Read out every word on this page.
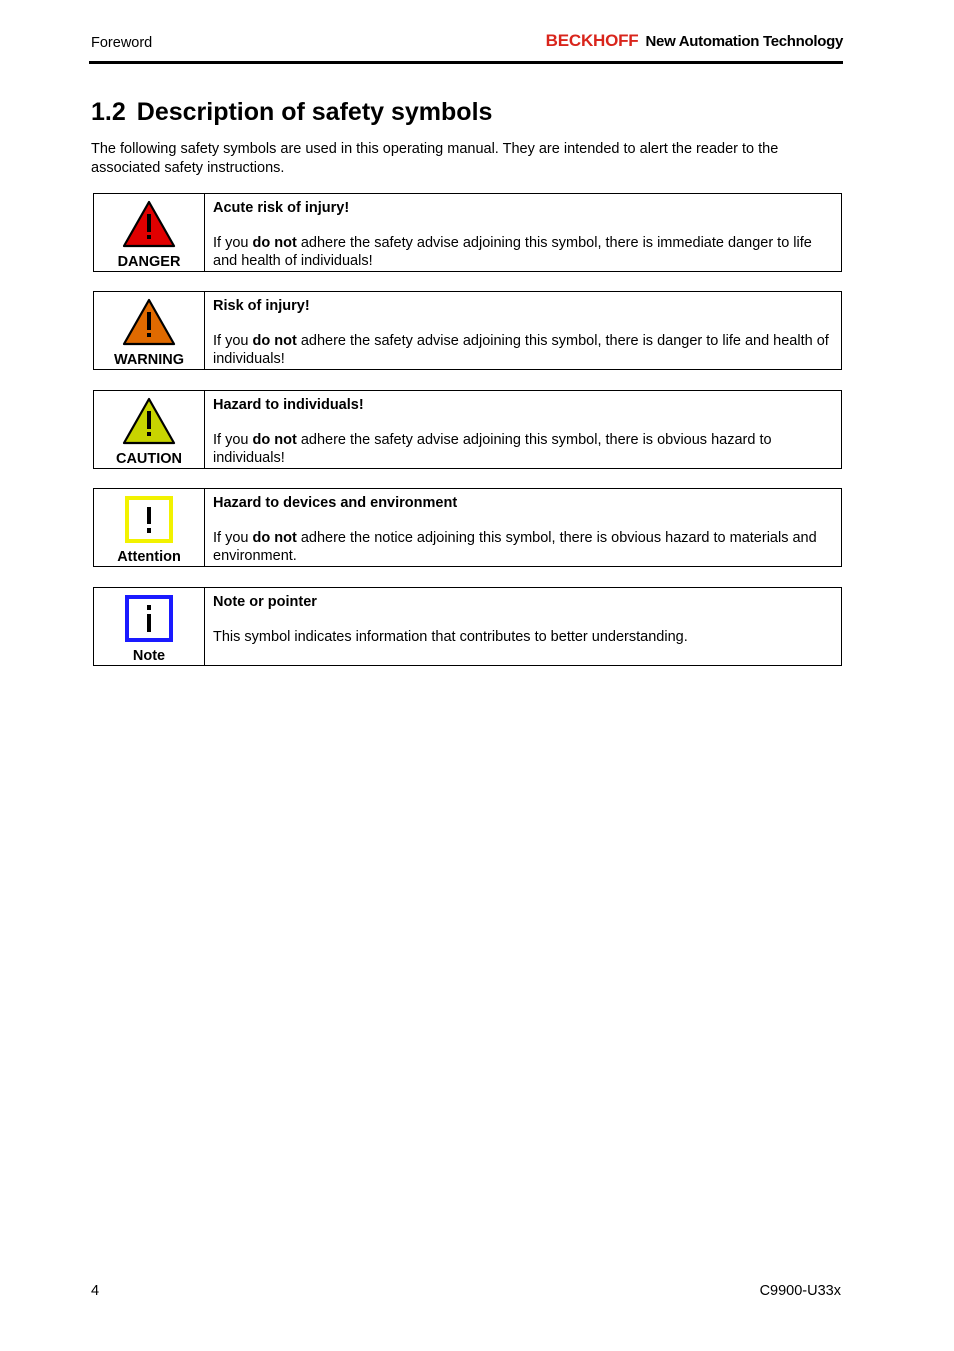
Foreword	BECKHOFF New Automation Technology
1.2 Description of safety symbols

The following safety symbols are used in this operating manual. They are intended to alert the reader to the associated safety instructions.

DANGER
Acute risk of injury!
If you do not adhere the safety advise adjoining this symbol, there is immediate danger to life and health of individuals!
WARNING
Risk of injury!
If you do not adhere the safety advise adjoining this symbol, there is danger to life and health of individuals!
CAUTION
Hazard to individuals!
If you do not adhere the safety advise adjoining this symbol, there is obvious hazard to individuals!
Attention
Hazard to devices and environment
If you do not adhere the notice adjoining this symbol, there is obvious hazard to materials and environment.
Note
Note or pointer
This symbol indicates information that contributes to better understanding.
4	C9900-U33x
